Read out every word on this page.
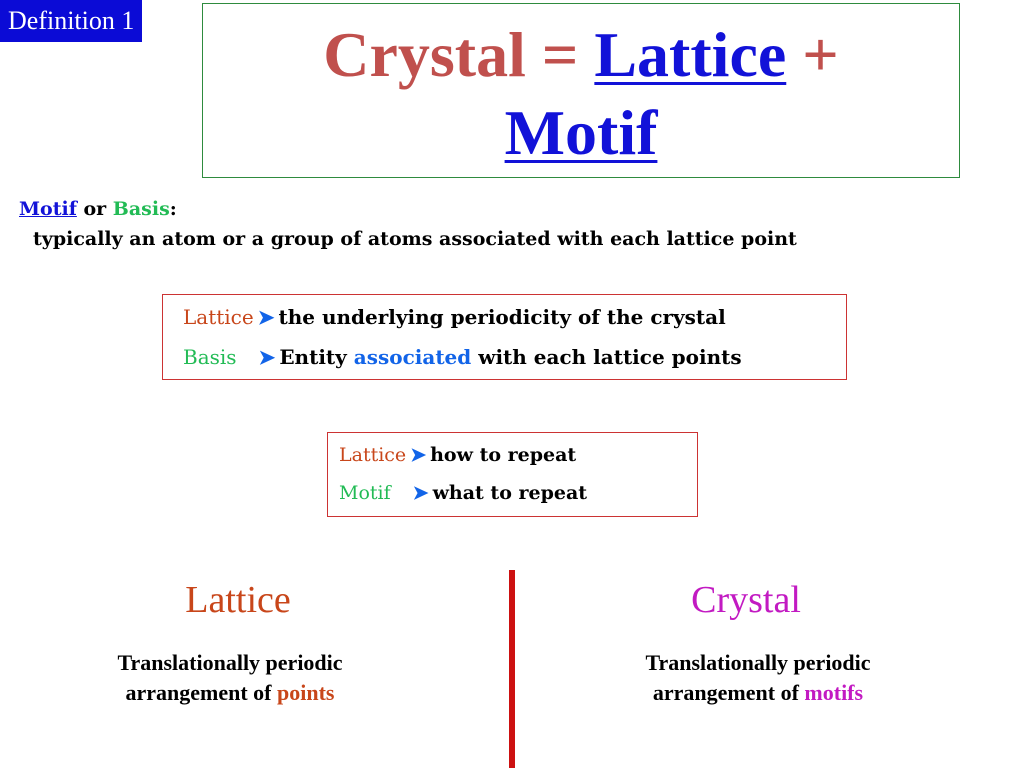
Definition 1	Crystal = Lattice +
Motif
Motif or Basis:
typically an atom or a group of atoms associated with each lattice point
Lattice ➤ the underlying periodicity of the crystal
Basis ➤ Entity associated with each lattice points
Lattice ➤ how to repeat
Motif ➤ what to repeat
Lattice
Translationally periodic
arrangement of points
Crystal
Translationally periodic
arrangement of motifs
